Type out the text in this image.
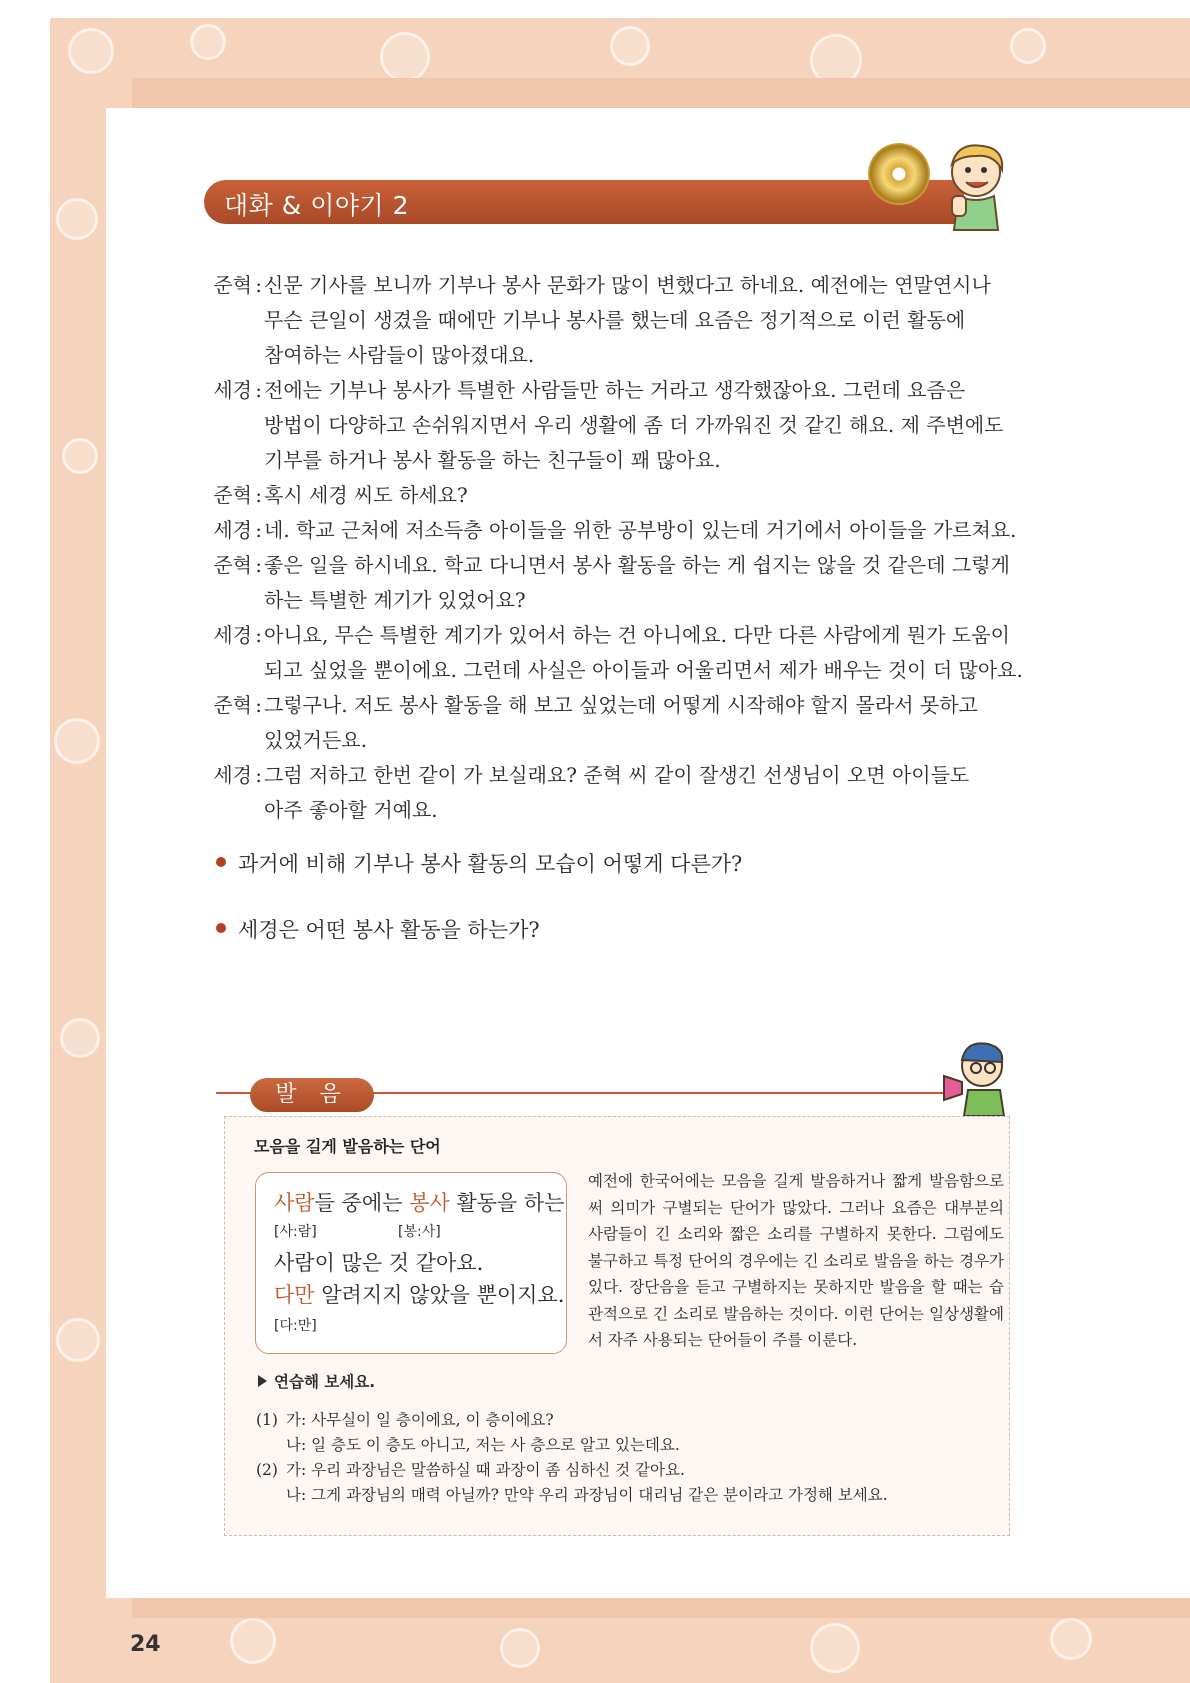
대화 & 이야기 2
준혁 : 신문 기사를 보니까 기부나 봉사 문화가 많이 변했다고 하네요. 예전에는 연말연시나
무슨 큰일이 생겼을 때에만 기부나 봉사를 했는데 요즘은 정기적으로 이런 활동에
참여하는 사람들이 많아졌대요.
세경 : 전에는 기부나 봉사가 특별한 사람들만 하는 거라고 생각했잖아요. 그런데 요즘은
방법이 다양하고 손쉬워지면서 우리 생활에 좀 더 가까워진 것 같긴 해요. 제 주변에도
기부를 하거나 봉사 활동을 하는 친구들이 꽤 많아요.
준혁 : 혹시 세경 씨도 하세요?
세경 : 네. 학교 근처에 저소득층 아이들을 위한 공부방이 있는데 거기에서 아이들을 가르쳐요.
준혁 : 좋은 일을 하시네요. 학교 다니면서 봉사 활동을 하는 게 쉽지는 않을 것 같은데 그렇게
하는 특별한 계기가 있었어요?
세경 : 아니요, 무슨 특별한 계기가 있어서 하는 건 아니에요. 다만 다른 사람에게 뭔가 도움이
되고 싶었을 뿐이에요. 그런데 사실은 아이들과 어울리면서 제가 배우는 것이 더 많아요.
준혁 : 그렇구나. 저도 봉사 활동을 해 보고 싶었는데 어떻게 시작해야 할지 몰라서 못하고
있었거든요.
세경 : 그럼 저하고 한번 같이 가 보실래요? 준혁 씨 같이 잘생긴 선생님이 오면 아이들도
아주 좋아할 거예요.
과거에 비해 기부나 봉사 활동의 모습이 어떻게 다른가?
세경은 어떤 봉사 활동을 하는가?
발 음
모음을 길게 발음하는 단어
사람들 중에는 봉사 활동을 하는
[사:람]	[봉:사]
사람이 많은 것 같아요.
다만 알려지지 않았을 뿐이지요.
[다:만]
예전에 한국어에는 모음을 길게 발음하거나 짧게 발음함으로써 의미가 구별되는 단어가 많았다. 그러나 요즘은 대부분의 사람들이 긴 소리와 짧은 소리를 구별하지 못한다. 그럼에도 불구하고 특정 단어의 경우에는 긴 소리로 발음을 하는 경우가 있다. 장단음을 듣고 구별하지는 못하지만 발음을 할 때는 습관적으로 긴 소리로 발음하는 것이다. 이런 단어는 일상생활에서 자주 사용되는 단어들이 주를 이룬다.
연습해 보세요.
(1) 가: 사무실이 일 층이에요, 이 층이에요?
나: 일 층도 이 층도 아니고, 저는 사 층으로 알고 있는데요.
(2) 가: 우리 과장님은 말씀하실 때 과장이 좀 심하신 것 같아요.
나: 그게 과장님의 매력 아닐까? 만약 우리 과장님이 대리님 같은 분이라고 가정해 보세요.
24
